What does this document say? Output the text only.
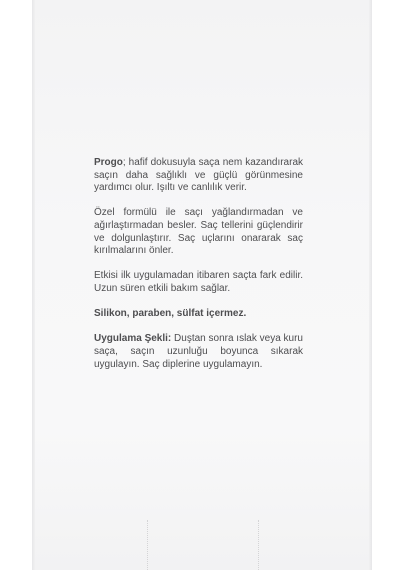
Progo; hafif dokusuyla saça nem kazandırarak saçın daha sağlıklı ve güçlü görünmesine yardımcı olur. Işıltı ve canlılık verir.

Özel formülü ile saçı yağlandırmadan ve ağırlaştırmadan besler. Saç tellerini güçlendirir ve dolgunlaştırır. Saç uçlarını onararak saç kırılmalarını önler.

Etkisi ilk uygulamadan itibaren saçta fark edilir. Uzun süren etkili bakım sağlar.

Silikon, paraben, sülfat içermez.

Uygulama Şekli: Duştan sonra ıslak veya kuru saça, saçın uzunluğu boyunca sıkarak uygulayın. Saç diplerine uygulamayın.
